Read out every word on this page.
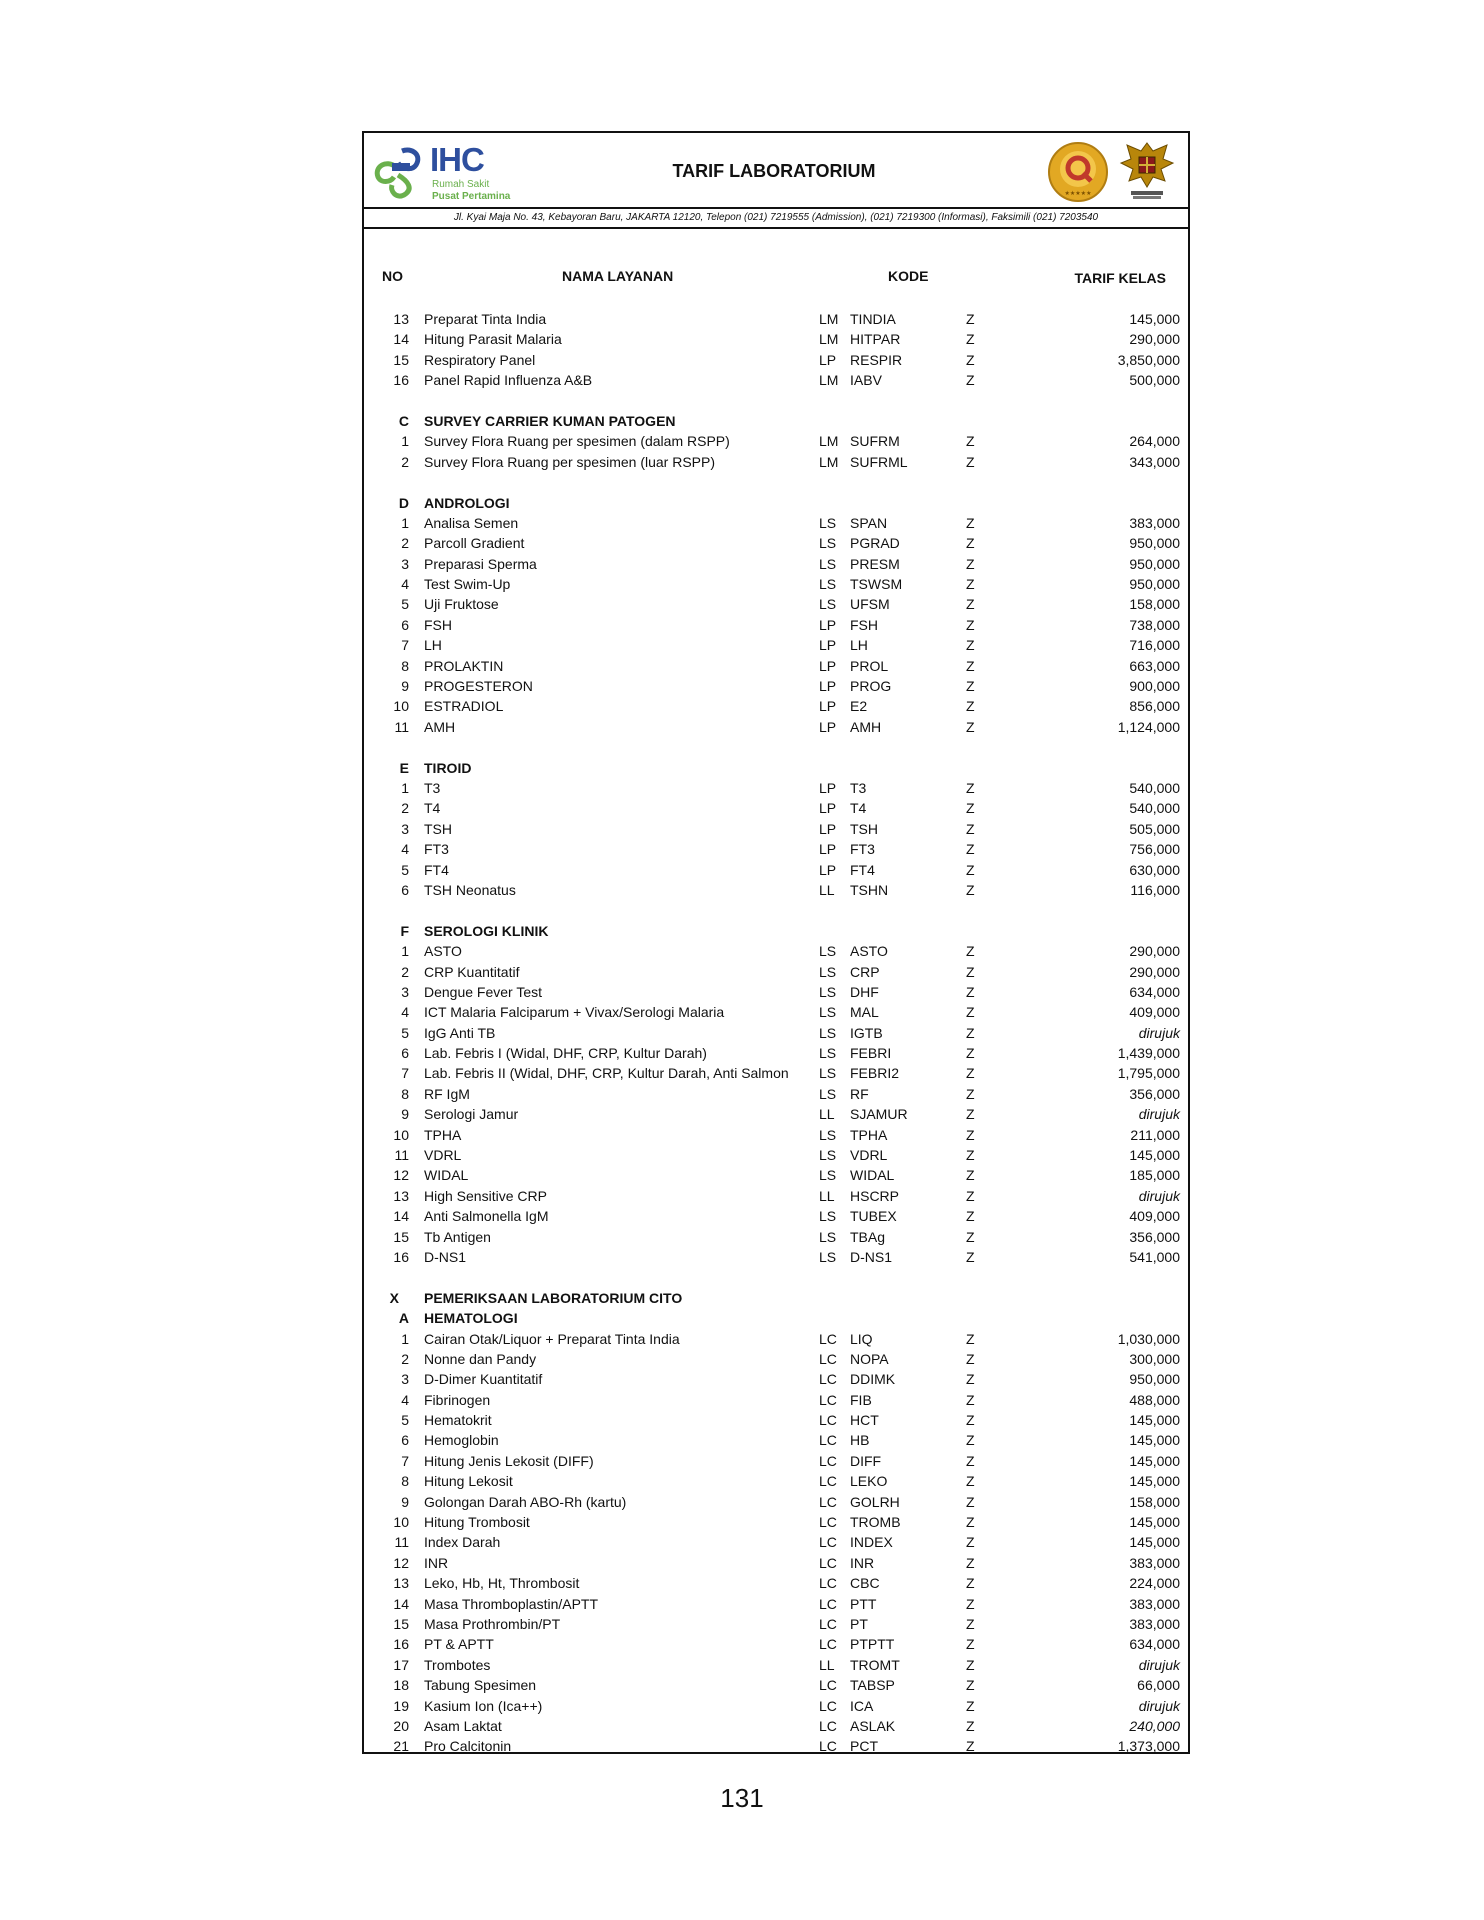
IHC
Rumah Sakit
Pusat Pertamina
TARIF LABORATORIUM
★★★★★
Jl. Kyai Maja No. 43, Kebayoran Baru, JAKARTA 12120, Telepon (021) 7219555 (Admission), (021) 7219300 (Informasi), Faksimili (021) 7203540
NO	NAMA LAYANAN	KODE	TARIF KELAS
13 Preparat Tinta India	LM TINDIA	Z	145,000
14 Hitung Parasit Malaria	LM HITPAR	Z	290,000
15 Respiratory Panel	LP RESPIR	Z	3,850,000
16 Panel Rapid Influenza A&B	LM IABV	Z	500,000
C SURVEY CARRIER KUMAN PATOGEN
1 Survey Flora Ruang per spesimen (dalam RSPP)	LM SUFRM	Z	264,000
2 Survey Flora Ruang per spesimen (luar RSPP)	LM SUFRML	Z	343,000
D ANDROLOGI
1 Analisa Semen	LS SPAN	Z	383,000
2 Parcoll Gradient	LS PGRAD	Z	950,000
3 Preparasi Sperma	LS PRESM	Z	950,000
4 Test Swim-Up	LS TSWSM	Z	950,000
5 Uji Fruktose	LS UFSM	Z	158,000
6 FSH	LP FSH	Z	738,000
7 LH	LP LH	Z	716,000
8 PROLAKTIN	LP PROL	Z	663,000
9 PROGESTERON	LP PROG	Z	900,000
10 ESTRADIOL	LP E2	Z	856,000
11 AMH	LP AMH	Z	1,124,000
E TIROID
1 T3	LP T3	Z	540,000
2 T4	LP T4	Z	540,000
3 TSH	LP TSH	Z	505,000
4 FT3	LP FT3	Z	756,000
5 FT4	LP FT4	Z	630,000
6 TSH Neonatus	LL TSHN	Z	116,000
F SEROLOGI KLINIK
1 ASTO	LS ASTO	Z	290,000
2 CRP Kuantitatif	LS CRP	Z	290,000
3 Dengue Fever Test	LS DHF	Z	634,000
4 ICT Malaria Falciparum + Vivax/Serologi Malaria	LS MAL	Z	409,000
5 IgG Anti TB	LS IGTB	Z	dirujuk
6 Lab. Febris I (Widal, DHF, CRP, Kultur Darah)	LS FEBRI	Z	1,439,000
7 Lab. Febris II (Widal, DHF, CRP, Kultur Darah, Anti Salmon LS FEBRI2	Z	1,795,000
8 RF IgM	LS RF	Z	356,000
9 Serologi Jamur	LL SJAMUR	Z	dirujuk
10 TPHA	LS TPHA	Z	211,000
11 VDRL	LS VDRL	Z	145,000
12 WIDAL	LS WIDAL	Z	185,000
13 High Sensitive CRP	LL HSCRP	Z	dirujuk
14 Anti Salmonella IgM	LS TUBEX	Z	409,000
15 Tb Antigen	LS TBAg	Z	356,000
16 D-NS1	LS D-NS1	Z	541,000
X PEMERIKSAAN LABORATORIUM CITO
A HEMATOLOGI
1 Cairan Otak/Liquor + Preparat Tinta India	LC LIQ	Z	1,030,000
2 Nonne dan Pandy	LC NOPA	Z	300,000
3 D-Dimer Kuantitatif	LC DDIMK	Z	950,000
4 Fibrinogen	LC FIB	Z	488,000
5 Hematokrit	LC HCT	Z	145,000
6 Hemoglobin	LC HB	Z	145,000
7 Hitung Jenis Lekosit (DIFF)	LC DIFF	Z	145,000
8 Hitung Lekosit	LC LEKO	Z	145,000
9 Golongan Darah ABO-Rh (kartu)	LC GOLRH	Z	158,000
10 Hitung Trombosit	LC TROMB	Z	145,000
11 Index Darah	LC INDEX	Z	145,000
12 INR	LC INR	Z	383,000
13 Leko, Hb, Ht, Thrombosit	LC CBC	Z	224,000
14 Masa Thromboplastin/APTT	LC PTT	Z	383,000
15 Masa Prothrombin/PT	LC PT	Z	383,000
16 PT & APTT	LC PTPTT	Z	634,000
17 Trombotes	LL TROMT	Z	dirujuk
18 Tabung Spesimen	LC TABSP	Z	66,000
19 Kasium Ion (Ica++)	LC ICA	Z	dirujuk
20 Asam Laktat	LC ASLAK	Z	240,000
21 Pro Calcitonin	LC PCT	Z	1,373,000
131
